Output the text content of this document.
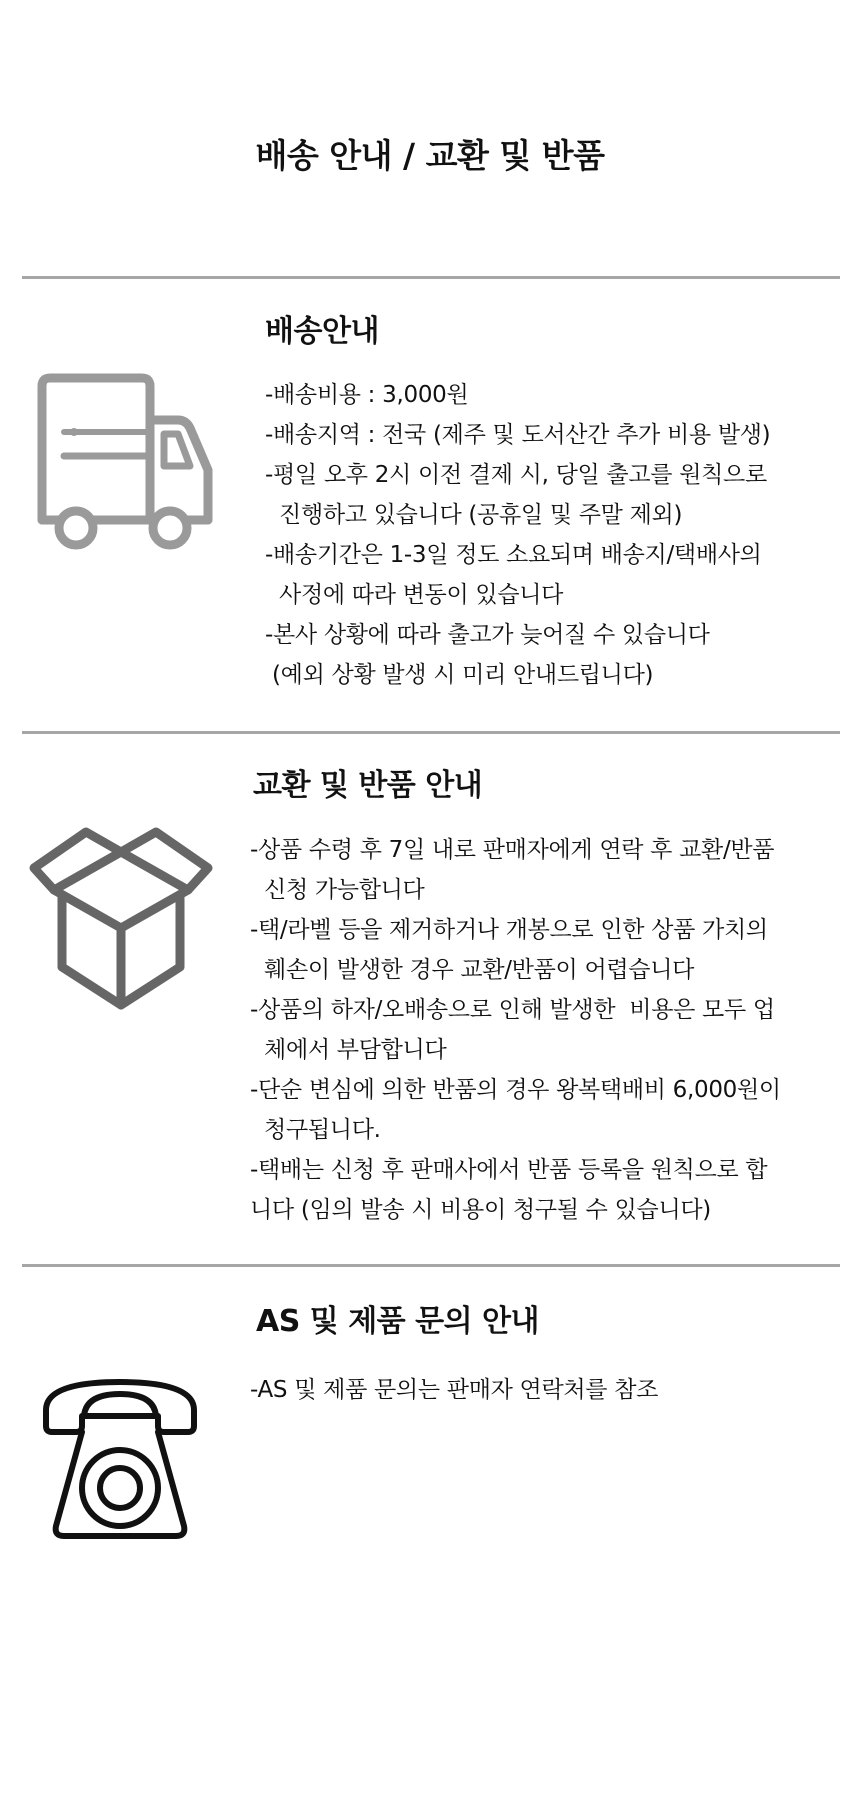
배송 안내 / 교환 및 반품
배송안내
-배송비용 : 3,000원
-배송지역 : 전국 (제주 및 도서산간 추가 비용 발생)
-평일 오후 2시 이전 결제 시, 당일 출고를 원칙으로
진행하고 있습니다 (공휴일 및 주말 제외)
-배송기간은 1-3일 정도 소요되며 배송지/택배사의
사정에 따라 변동이 있습니다
-본사 상황에 따라 출고가 늦어질 수 있습니다
(예외 상황 발생 시 미리 안내드립니다)
교환 및 반품 안내
-상품 수령 후 7일 내로 판매자에게 연락 후 교환/반품
신청 가능합니다
-택/라벨 등을 제거하거나 개봉으로 인한 상품 가치의
훼손이 발생한 경우 교환/반품이 어렵습니다
-상품의 하자/오배송으로 인해 발생한  비용은 모두 업
체에서 부담합니다
-단순 변심에 의한 반품의 경우 왕복택배비 6,000원이
청구됩니다.
-택배는 신청 후 판매사에서 반품 등록을 원칙으로 합
니다 (임의 발송 시 비용이 청구될 수 있습니다)
AS 및 제품 문의 안내
-AS 및 제품 문의는 판매자 연락처를 참조
